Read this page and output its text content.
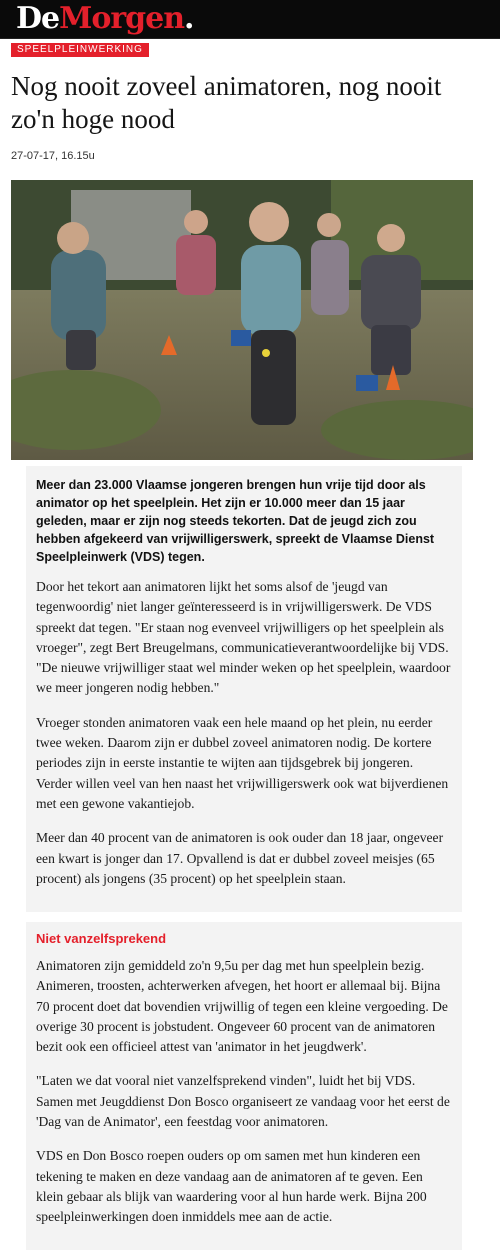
DeMorgen.
SPEELPLEINWERKING
Nog nooit zoveel animatoren, nog nooit zo'n hoge nood
27-07-17, 16.15u

Meer dan 23.000 Vlaamse jongeren brengen hun vrije tijd door als animator op het speelplein. Het zijn er 10.000 meer dan 15 jaar geleden, maar er zijn nog steeds tekorten. Dat de jeugd zich zou hebben afgekeerd van vrijwilligerswerk, spreekt de Vlaamse Dienst Speelpleinwerk (VDS) tegen.

Door het tekort aan animatoren lijkt het soms alsof de 'jeugd van tegenwoordig' niet langer geïnteresseerd is in vrijwilligerswerk. De VDS spreekt dat tegen. "Er staan nog evenveel vrijwilligers op het speelplein als vroeger", zegt Bert Breugelmans, communicatieverantwoordelijke bij VDS. "De nieuwe vrijwilliger staat wel minder weken op het speelplein, waardoor we meer jongeren nodig hebben."

Vroeger stonden animatoren vaak een hele maand op het plein, nu eerder twee weken. Daarom zijn er dubbel zoveel animatoren nodig. De kortere periodes zijn in eerste instantie te wijten aan tijdsgebrek bij jongeren. Verder willen veel van hen naast het vrijwilligerswerk ook wat bijverdienen met een gewone vakantiejob.

Meer dan 40 procent van de animatoren is ook ouder dan 18 jaar, ongeveer een kwart is jonger dan 17. Opvallend is dat er dubbel zoveel meisjes (65 procent) als jongens (35 procent) op het speelplein staan.

Niet vanzelfsprekend

Animatoren zijn gemiddeld zo'n 9,5u per dag met hun speelplein bezig. Animeren, troosten, achterwerken afvegen, het hoort er allemaal bij. Bijna 70 procent doet dat bovendien vrijwillig of tegen een kleine vergoeding. De overige 30 procent is jobstudent. Ongeveer 60 procent van de animatoren bezit ook een officieel attest van 'animator in het jeugdwerk'.

"Laten we dat vooral niet vanzelfsprekend vinden", luidt het bij VDS. Samen met Jeugddienst Don Bosco organiseert ze vandaag voor het eerst de 'Dag van de Animator', een feestdag voor animatoren.

VDS en Don Bosco roepen ouders op om samen met hun kinderen een tekening te maken en deze vandaag aan de animatoren af te geven. Een klein gebaar als blijk van waardering voor al hun harde werk. Bijna 200 speelpleinwerkingen doen inmiddels mee aan de actie.
